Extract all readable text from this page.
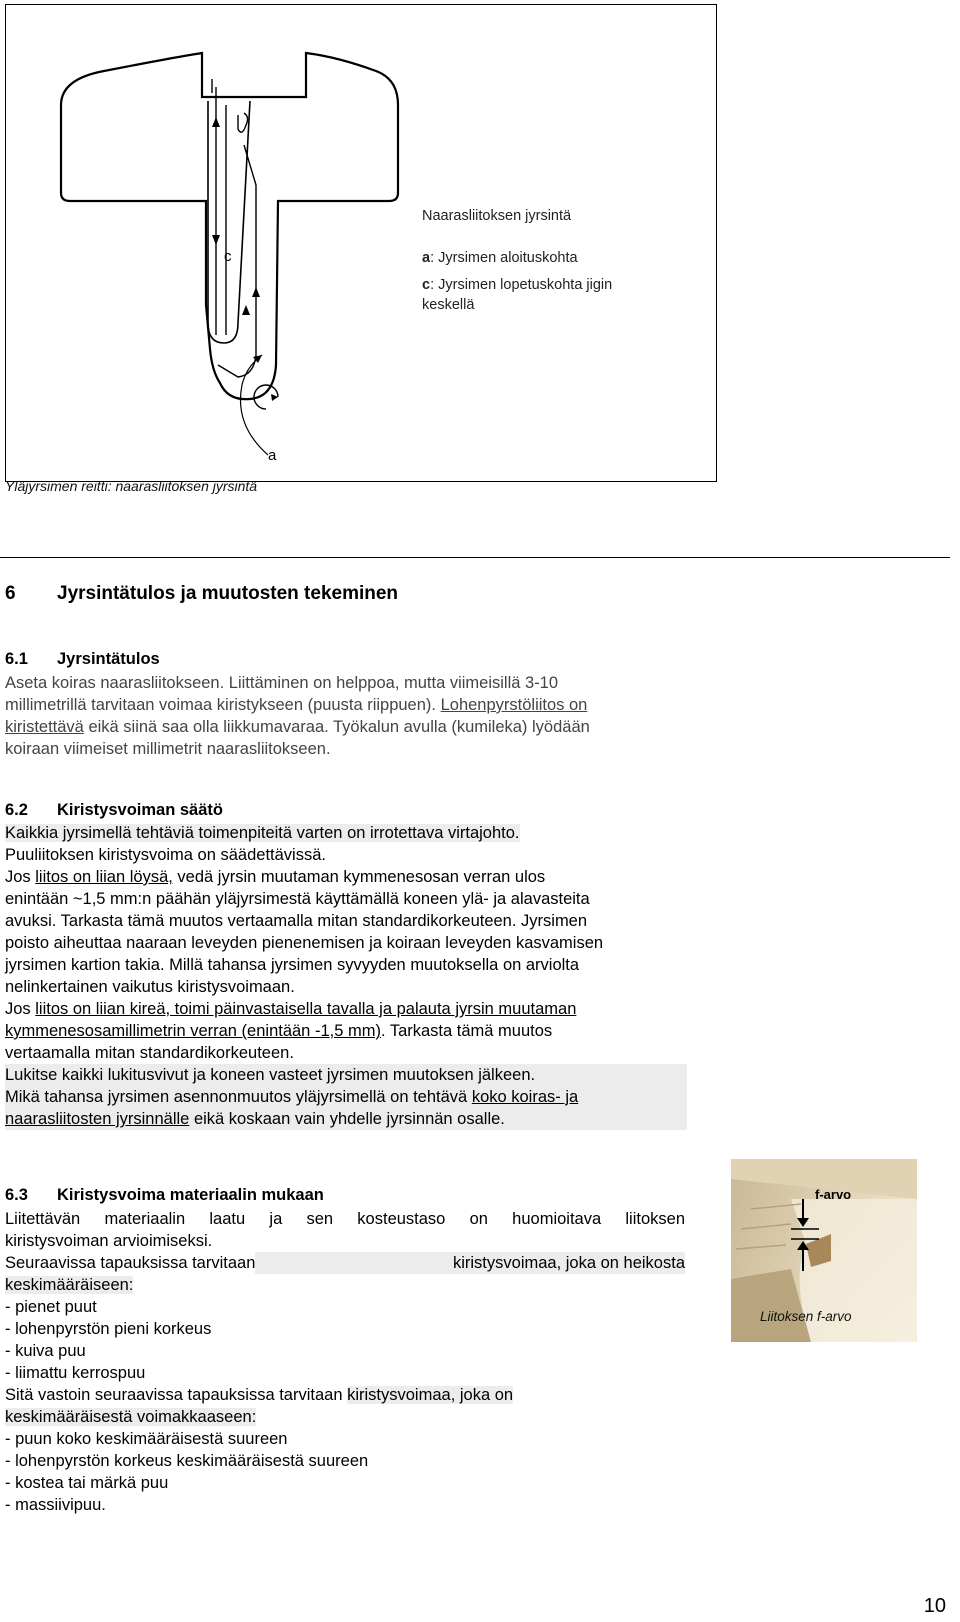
c
a
Naarasliitoksen jyrsintä
a: Jyrsimen aloituskohta
c: Jyrsimen lopetuskohta jigin
keskellä
Yläjyrsimen reitti: naarasliitoksen jyrsintä
6 Jyrsintätulos ja muutosten tekeminen
6.1 Jyrsintätulos
Aseta koiras naarasliitokseen. Liittäminen on helppoa, mutta viimeisillä 3-10
millimetrillä tarvitaan voimaa kiristykseen (puusta riippuen). Lohenpyrstöliitos on
kiristettävä eikä siinä saa olla liikkumavaraa. Työkalun avulla (kumileka) lyödään
koiraan viimeiset millimetrit naarasliitokseen.
6.2 Kiristysvoiman säätö
Kaikkia jyrsimellä tehtäviä toimenpiteitä varten on irrotettava virtajohto.
Puuliitoksen kiristysvoima on säädettävissä.
Jos liitos on liian löysä, vedä jyrsin muutaman kymmenesosan verran ulos
enintään ~1,5 mm:n päähän yläjyrsimestä käyttämällä koneen ylä- ja alavasteita
avuksi. Tarkasta tämä muutos vertaamalla mitan standardikorkeuteen. Jyrsimen
poisto aiheuttaa naaraan leveyden pienenemisen ja koiraan leveyden kasvamisen
jyrsimen kartion takia. Millä tahansa jyrsimen syvyyden muutoksella on arviolta
nelinkertainen vaikutus kiristysvoimaan.
Jos liitos on liian kireä, toimi päinvastaisella tavalla ja palauta jyrsin muutaman
kymmenesosamillimetrin verran (enintään -1,5 mm). Tarkasta tämä muutos
vertaamalla mitan standardikorkeuteen.
Lukitse kaikki lukitusvivut ja koneen vasteet jyrsimen muutoksen jälkeen.
Mikä tahansa jyrsimen asennonmuutos yläjyrsimellä on tehtävä koko koiras- ja
naarasliitosten jyrsinnälle eikä koskaan vain yhdelle jyrsinnän osalle.
6.3 Kiristysvoima materiaalin mukaan
Liitettävän materiaalin laatu ja sen kosteustaso on huomioitava liitoksen
kiristysvoiman arvioimiseksi.
Seuraavissa tapauksissa tarvitaan	kiristysvoimaa, joka on heikosta
keskimääräiseen:
- pienet puut
- lohenpyrstön pieni korkeus
- kuiva puu
- liimattu kerrospuu
Sitä vastoin seuraavissa tapauksissa tarvitaan kiristysvoimaa, joka on
keskimääräisestä voimakkaaseen:
- puun koko keskimääräisestä suureen
- lohenpyrstön korkeus keskimääräisestä suureen
- kostea tai märkä puu
- massiivipuu.
f-arvo
Liitoksen f-arvo
10
